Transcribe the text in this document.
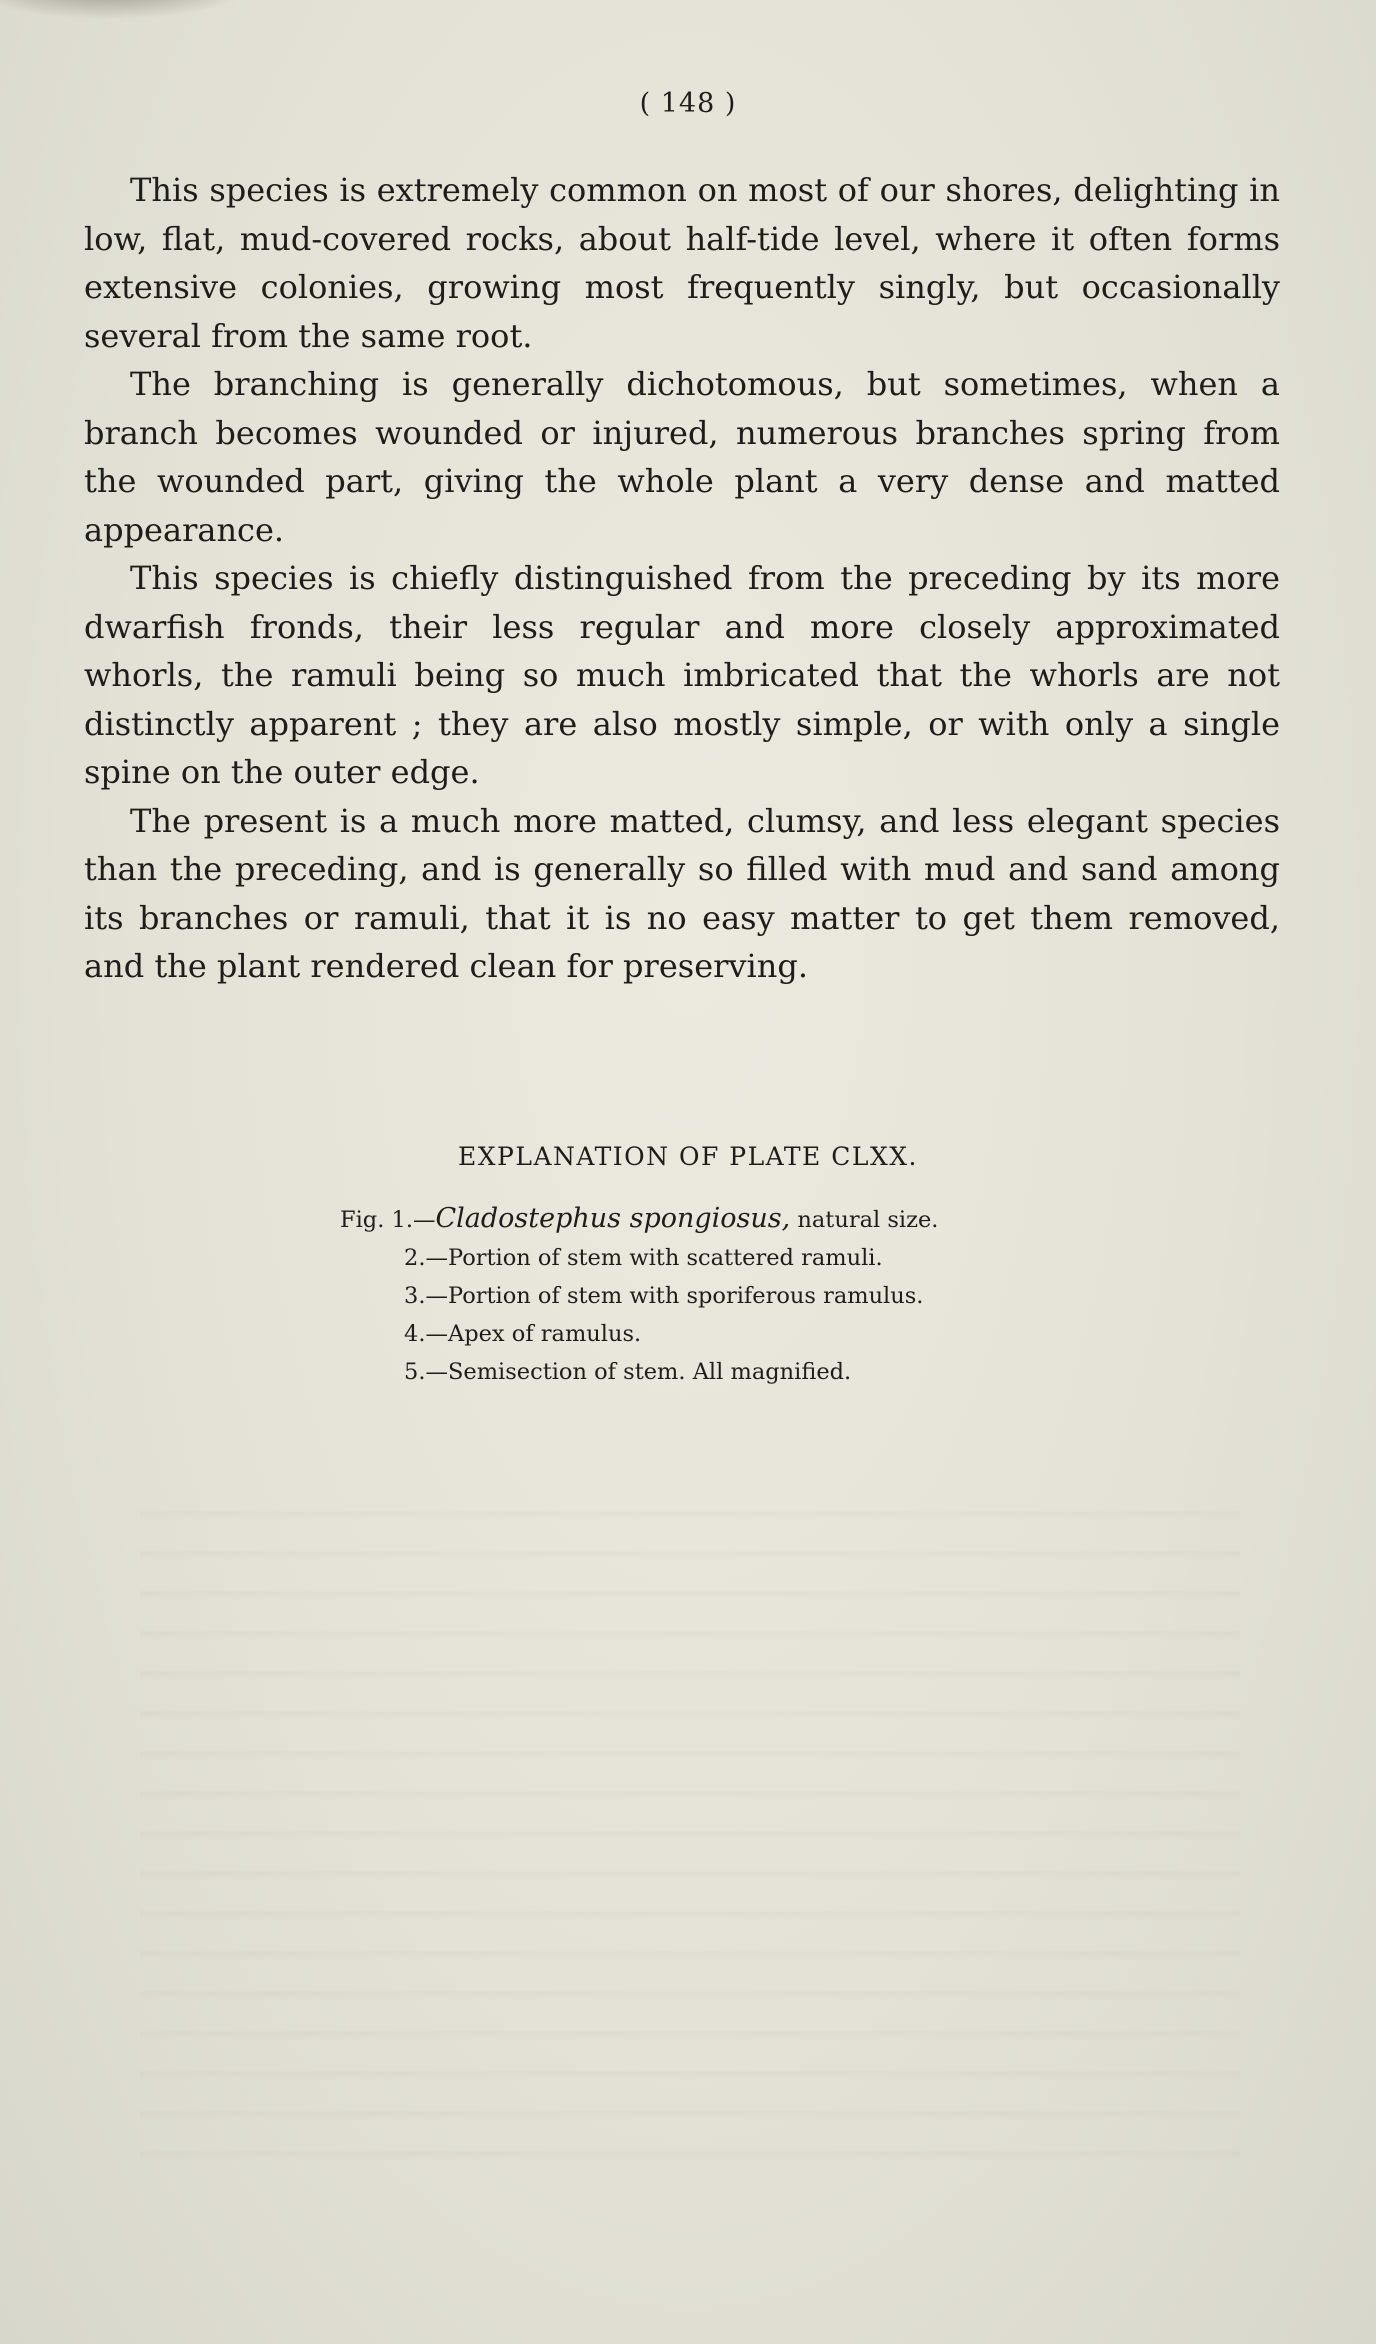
( 148 )

This species is extremely common on most of our shores, delighting in low, flat, mud-covered rocks, about half-tide level, where it often forms extensive colonies, growing most frequently singly, but occasionally several from the same root.

The branching is generally dichotomous, but sometimes, when a branch becomes wounded or injured, numerous branches spring from the wounded part, giving the whole plant a very dense and matted appearance.

This species is chiefly distinguished from the preceding by its more dwarfish fronds, their less regular and more closely approximated whorls, the ramuli being so much imbricated that the whorls are not distinctly apparent ; they are also mostly simple, or with only a single spine on the outer edge.

The present is a much more matted, clumsy, and less elegant species than the preceding, and is generally so filled with mud and sand among its branches or ramuli, that it is no easy matter to get them removed, and the plant rendered clean for preserving.

EXPLANATION OF PLATE CLXX.
Fig. 1.—Cladostephus spongiosus, natural size.
2.—Portion of stem with scattered ramuli.
3.—Portion of stem with sporiferous ramulus.
4.—Apex of ramulus.
5.—Semisection of stem. All magnified.
